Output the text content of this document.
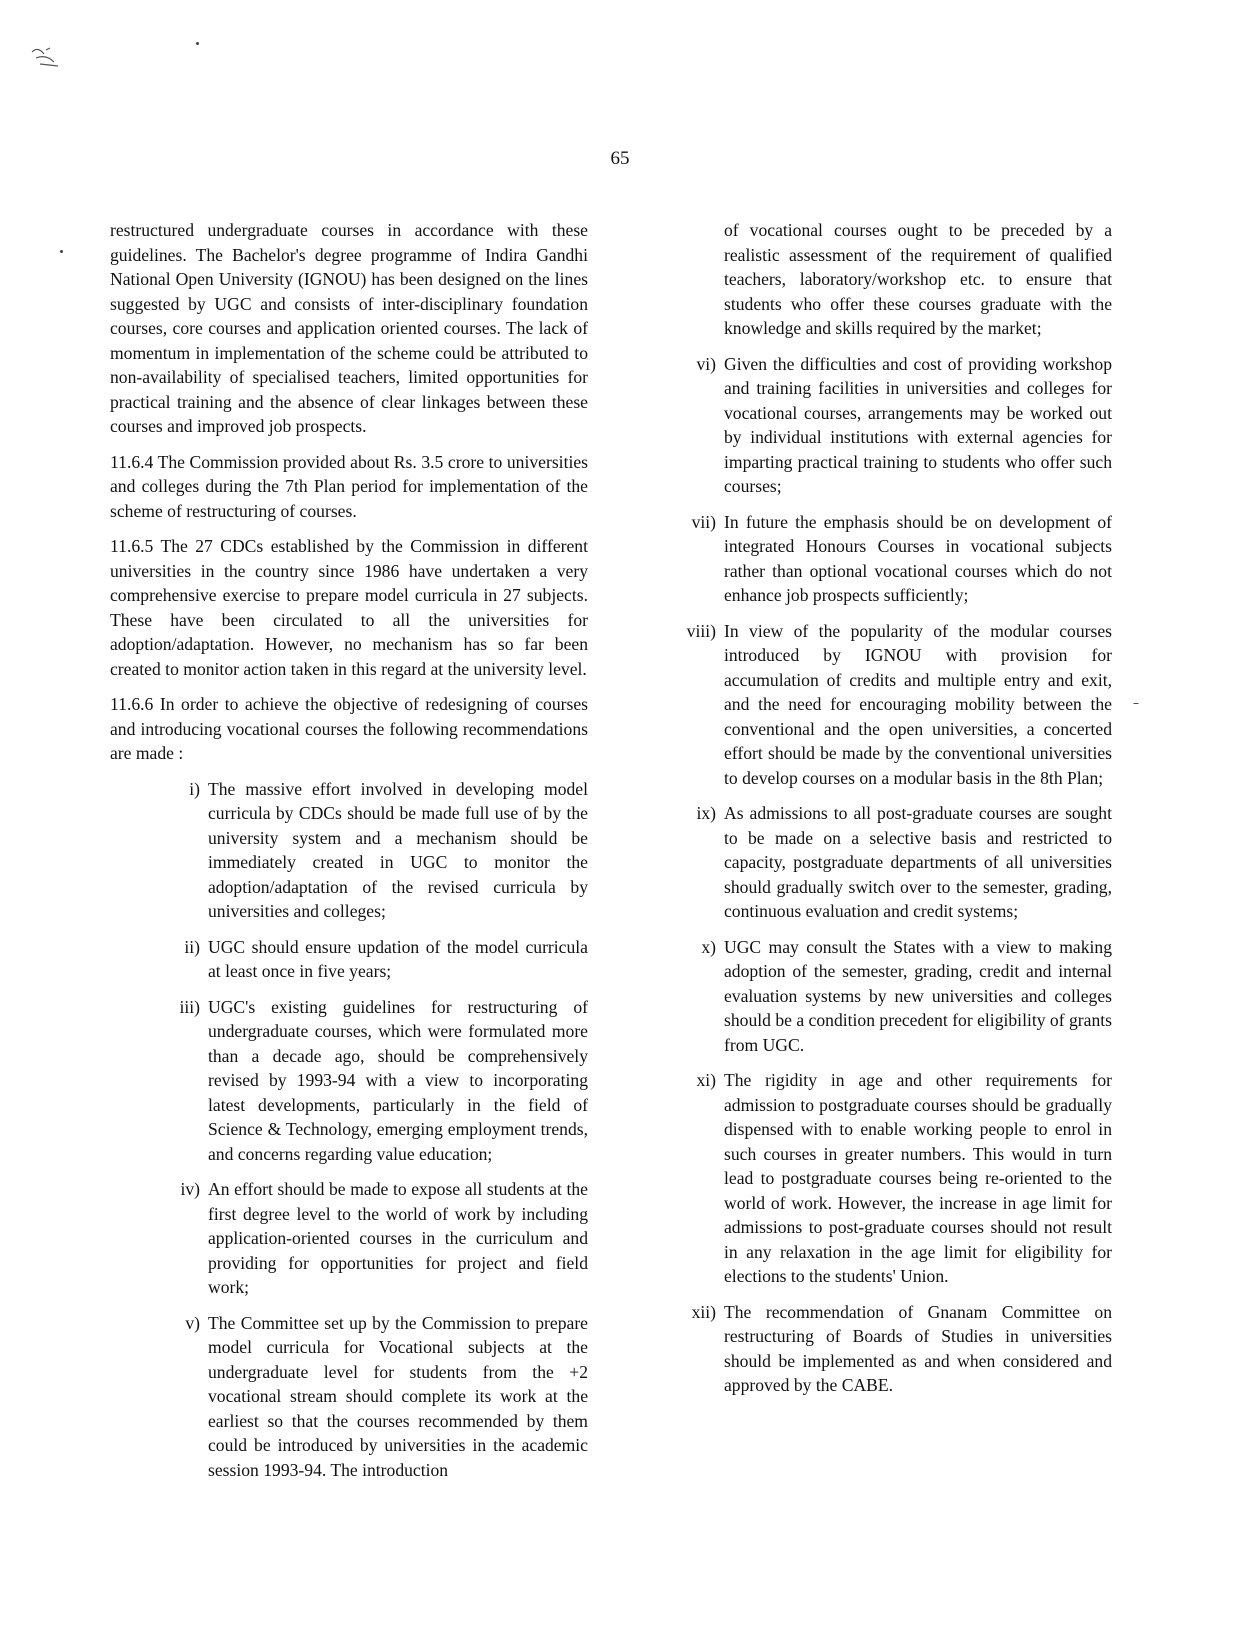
65

restructured undergraduate courses in accordance with these guidelines. The Bachelor's degree programme of Indira Gandhi National Open University (IGNOU) has been designed on the lines suggested by UGC and consists of inter-disciplinary foundation courses, core courses and application oriented courses. The lack of momentum in implementation of the scheme could be attributed to non-availability of specialised teachers, limited opportunities for practical training and the absence of clear linkages between these courses and improved job prospects.

11.6.4 The Commission provided about Rs. 3.5 crore to universities and colleges during the 7th Plan period for implementation of the scheme of restructuring of courses.

11.6.5 The 27 CDCs established by the Commission in different universities in the country since 1986 have undertaken a very comprehensive exercise to prepare model curricula in 27 subjects. These have been circulated to all the universities for adoption/adaptation. However, no mechanism has so far been created to monitor action taken in this regard at the university level.

11.6.6 In order to achieve the objective of redesigning of courses and introducing vocational courses the following recommendations are made :

i) The massive effort involved in developing model curricula by CDCs should be made full use of by the university system and a mechanism should be immediately created in UGC to monitor the adoption/adaptation of the revised curricula by universities and colleges;
ii) UGC should ensure updation of the model curricula at least once in five years;
iii) UGC's existing guidelines for restructuring of undergraduate courses, which were formulated more than a decade ago, should be comprehensively revised by 1993-94 with a view to incorporating latest developments, particularly in the field of Science & Technology, emerging employment trends, and concerns regarding value education;
iv) An effort should be made to expose all students at the first degree level to the world of work by including application-oriented courses in the curriculum and providing for opportunities for project and field work;
v) The Committee set up by the Commission to prepare model curricula for Vocational subjects at the undergraduate level for students from the +2 vocational stream should complete its work at the earliest so that the courses recommended by them could be introduced by universities in the academic session 1993-94. The introduction

of vocational courses ought to be preceded by a realistic assessment of the requirement of qualified teachers, laboratory/workshop etc. to ensure that students who offer these courses graduate with the knowledge and skills required by the market;

vi) Given the difficulties and cost of providing workshop and training facilities in universities and colleges for vocational courses, arrangements may be worked out by individual institutions with external agencies for imparting practical training to students who offer such courses;
vii) In future the emphasis should be on development of integrated Honours Courses in vocational subjects rather than optional vocational courses which do not enhance job prospects sufficiently;
viii) In view of the popularity of the modular courses introduced by IGNOU with provision for accumulation of credits and multiple entry and exit, and the need for encouraging mobility between the conventional and the open universities, a concerted effort should be made by the conventional universities to develop courses on a modular basis in the 8th Plan;
ix) As admissions to all post-graduate courses are sought to be made on a selective basis and restricted to capacity, postgraduate departments of all universities should gradually switch over to the semester, grading, continuous evaluation and credit systems;
x) UGC may consult the States with a view to making adoption of the semester, grading, credit and internal evaluation systems by new universities and colleges should be a condition precedent for eligibility of grants from UGC.
xi) The rigidity in age and other requirements for admission to postgraduate courses should be gradually dispensed with to enable working people to enrol in such courses in greater numbers. This would in turn lead to postgraduate courses being re-oriented to the world of work. However, the increase in age limit for admissions to post-graduate courses should not result in any relaxation in the age limit for eligibility for elections to the students' Union.
xii) The recommendation of Gnanam Committee on restructuring of Boards of Studies in universities should be implemented as and when considered and approved by the CABE.
